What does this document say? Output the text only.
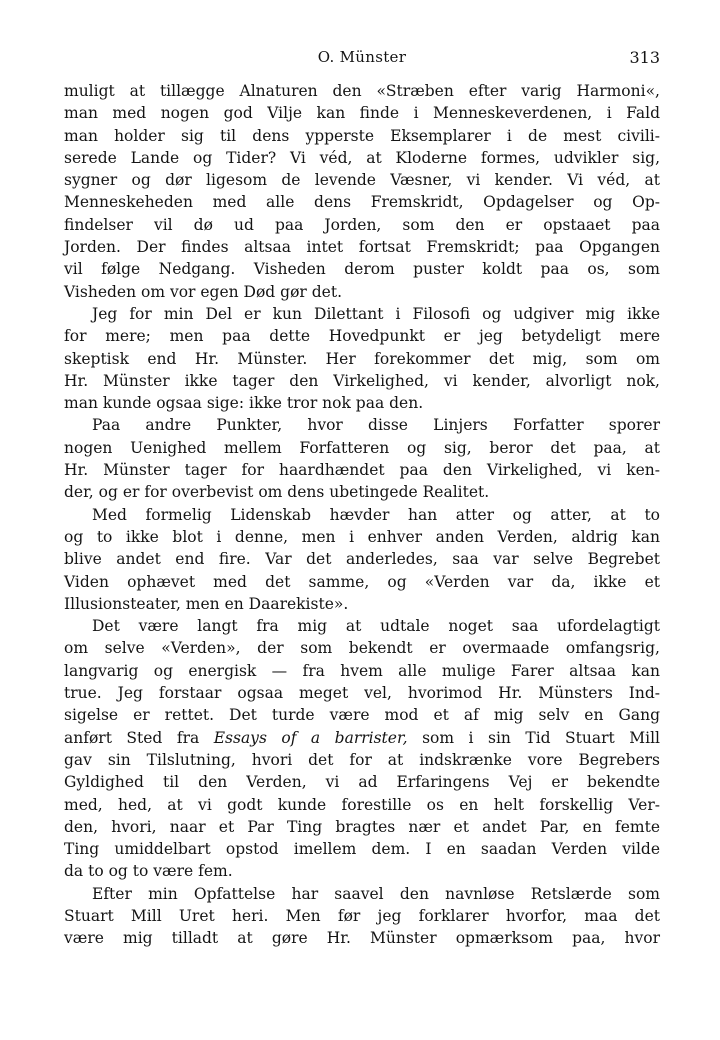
O. Münster	313
muligt at tillægge Alnaturen den «Stræben efter varig Harmoni«,
man med nogen god Vilje kan finde i Menneskeverdenen, i Fald
man holder sig til dens ypperste Eksemplarer i de mest civili-
serede Lande og Tider? Vi véd, at Kloderne formes, udvikler sig,
sygner og dør ligesom de levende Væsner, vi kender. Vi véd, at
Menneskeheden med alle dens Fremskridt, Opdagelser og Op-
findelser vil dø ud paa Jorden, som den er opstaaet paa
Jorden. Der findes altsaa intet fortsat Fremskridt; paa Opgangen
vil følge Nedgang. Visheden derom puster koldt paa os, som
Visheden om vor egen Død gør det.
Jeg for min Del er kun Dilettant i Filosofi og udgiver mig ikke
for mere; men paa dette Hovedpunkt er jeg betydeligt mere
skeptisk end Hr. Münster. Her forekommer det mig, som om
Hr. Münster ikke tager den Virkelighed, vi kender, alvorligt nok,
man kunde ogsaa sige: ikke tror nok paa den.
Paa andre Punkter, hvor disse Linjers Forfatter sporer
nogen Uenighed mellem Forfatteren og sig, beror det paa, at
Hr. Münster tager for haardhændet paa den Virkelighed, vi ken-
der, og er for overbevist om dens ubetingede Realitet.
Med formelig Lidenskab hævder han atter og atter, at to
og to ikke blot i denne, men i enhver anden Verden, aldrig kan
blive andet end fire. Var det anderledes, saa var selve Begrebet
Viden ophævet med det samme, og «Verden var da, ikke et
Illusionsteater, men en Daarekiste».
Det være langt fra mig at udtale noget saa ufordelagtigt
om selve «Verden», der som bekendt er overmaade omfangsrig,
langvarig og energisk — fra hvem alle mulige Farer altsaa kan
true. Jeg forstaar ogsaa meget vel, hvorimod Hr. Münsters Ind-
sigelse er rettet. Det turde være mod et af mig selv en Gang
anført Sted fra Essays of a barrister, som i sin Tid Stuart Mill
gav sin Tilslutning, hvori det for at indskrænke vore Begrebers
Gyldighed til den Verden, vi ad Erfaringens Vej er bekendte
med, hed, at vi godt kunde forestille os en helt forskellig Ver-
den, hvori, naar et Par Ting bragtes nær et andet Par, en femte
Ting umiddelbart opstod imellem dem. I en saadan Verden vilde
da to og to være fem.
Efter min Opfattelse har saavel den navnløse Retslærde som
Stuart Mill Uret heri. Men før jeg forklarer hvorfor, maa det
være mig tilladt at gøre Hr. Münster opmærksom paa, hvor
